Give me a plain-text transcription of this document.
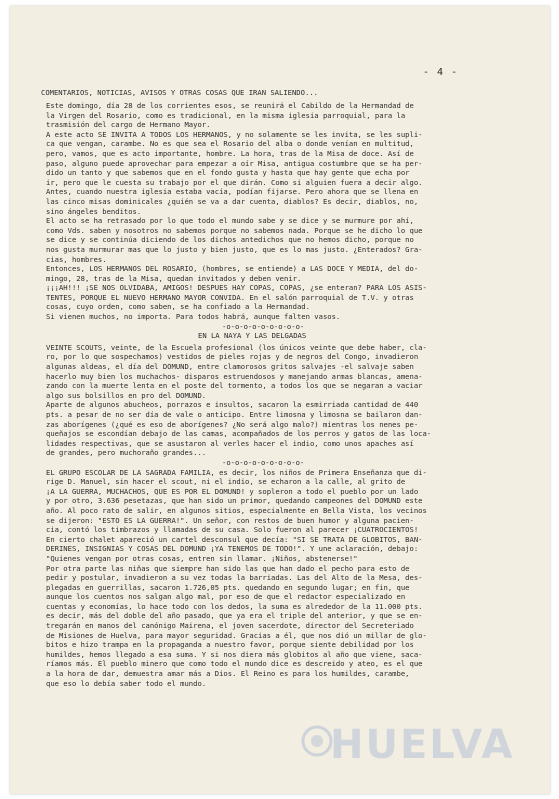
- 4 -
COMENTARIOS, NOTICIAS, AVISOS Y OTRAS COSAS QUE IRAN SALIENDO...
Este domingo, día 28 de los corrientes esos, se reunirá el Cabildo de la Hermandad de
la Virgen del Rosario, como es tradicional, en la misma iglesia parroquial, para la
trasmisión del cargo de Hermano Mayor.
A este acto SE INVITA A TODOS LOS HERMANOS, y no solamente se les invita, se les supli-
ca que vengan, carambe. No es que sea el Rosario del alba o donde venían en multitud,
pero, vamos, que es acto importante, hombre. La hora, tras de la Misa de doce. Así de
paso, alguno puede aprovechar para empezar a oír Misa, antigua costumbre que se ha per-
dido un tanto y que sabemos que en el fondo gusta y hasta que hay gente que echa por
ir, pero que le cuesta su trabajo por el que dirán. Como si alguien fuera a decir algo.
Antes, cuando nuestra iglesia estaba vacía, podían fijarse. Pero ahora que se llena en
las cinco misas dominicales ¿quién se va a dar cuenta, diablos? Es decir, diablos, no,
sino ángeles benditos.
El acto se ha retrasado por lo que todo el mundo sabe y se dice y se murmure por ahí,
como Vds. saben y nosotros no sabemos porque no sabemos nada. Porque se he dicho lo que
se dice y se continúa diciendo de los dichos antedichos que no hemos dicho, porque no
nos gusta murmurar mas que lo justo y bien justo, que es lo mas justo. ¿Enterados? Gra-
cias, hombres.
Entonces, LOS HERMANOS DEL ROSARIO, (hombres, se entiende) a LAS DOCE Y MEDIA, del do-
mingo, 28, tras de la Misa, quedan invitados y deben venir.
¡¡¡AH!!! ¡SE NOS OLVIDABA, AMIGOS! DESPUES HAY COPAS, COPAS, ¿se enteran? PARA LOS ASIS-
TENTES, PORQUE EL NUEVO HERMANO MAYOR CONVIDA. En el salón parroquial de T.V. y otras
cosas, cuyo orden, como saben, se ha confiado a la Hermandad.
Si vienen muchos, no importa. Para todos habrá, aunque falten vasos.
-o-o-o-o-o-o-o-o-o-
EN LA NAYA Y LAS DELGADAS
VEINTE SCOUTS, veinte, de la Escuela profesional (los únicos veinte que debe haber, cla-
ro, por lo que sospechamos) vestidos de pieles rojas y de negros del Congo, invadieron
algunas aldeas, el día del DOMUND, entre clamorosos gritos salvajes -el salvaje saben
hacerlo muy bien los muchachos- disparos estruendosos y manejando armas blancas, amena-
zando con la muerte lenta en el poste del tormento, a todos los que se negaran a vaciar
algo sus bolsillos en pro del DOMUND.
Aparte de algunos abucheos, porrazos e insultos, sacaron la esmirriada cantidad de 440
pts. a pesar de no ser día de vale o anticipo. Entre limosna y limosna se bailaron dan-
zas aborígenes (¿qué es eso de aborígenes? ¿No será algo malo?) mientras los nenes pe-
queñajos se escondían debajo de las camas, acompañados de los perros y gatos de las loca-
lidades respectivas, que se asustaron al verles hacer el indio, como unos apaches así
de grandes, pero muchoraño grandes...
-o-o-o-o-o-o-o-o-o-
EL GRUPO ESCOLAR DE LA SAGRADA FAMILIA, es decir, los niños de Primera Enseñanza que di-
rige D. Manuel, sin hacer el scout, ni el indio, se echaron a la calle, al grito de
¡A LA GUERRA, MUCHACHOS, QUE ES POR EL DOMUND! y sopleron a todo el pueblo por un lado
y por otro, 3.636 pesetazas, que han sido un primor, quedando campeones del DOMUND este
año. Al poco rato de salir, en algunos sitios, especialmente en Bella Vista, los vecinos
se dijeron: "ESTO ES LA GUERRA!". Un señor, con restos de buen humor y alguna pacien-
cia, contó los timbrazos y llamadas de su casa. Solo fueron al parecer ¡CUATROCIENTOS!
En cierto chalet apareció un cartel desconsul que decía: "SI SE TRATA DE GLOBITOS, BAN-
DERINES, INSIGNIAS Y COSAS DEL DOMUND ¡YA TENEMOS DE TODO!". Y une aclaración, debajo:
"Quienes vengan por otras cosas, entren sin llamar. ¡Niños, abstenerse!"
Por otra parte las niñas que siempre han sido las que han dado el pecho para esto de
pedir y postular, invadieron a su vez todas la barriadas. Las del Alto de la Mesa, des-
plegadas en guerrillas, sacaron 1.726,05 pts. quedando en segundo lugar; en fin, que
aunque los cuentos nos salgan algo mal, por eso de que el redactor especializado en
cuentas y economías, lo hace todo con los dedos, la suma es alrededor de la 11.000 pts.
es decir, más del doble del año pasado, que ya era el triple del anterior, y que se en-
tregarán en manos del canónigo Mairena, el joven sacerdote, director del Secreteriado
de Misiones de Huelva, para mayor seguridad. Gracias a él, que nos dió un millar de glo-
bitos e hizo trampa en la propaganda a nuestro favor, porque siente debilidad por los
humildes, hemos llegado a esa suma. Y si nos diera más globitos al año que viene, saca-
ríamos más. El pueblo minero que como todo el mundo dice es descreido y ateo, es el que
a la hora de dar, demuestra amar más a Dios. El Reino es para los humildes, carambe,
que eso lo debía saber todo el mundo.
HUELVA
